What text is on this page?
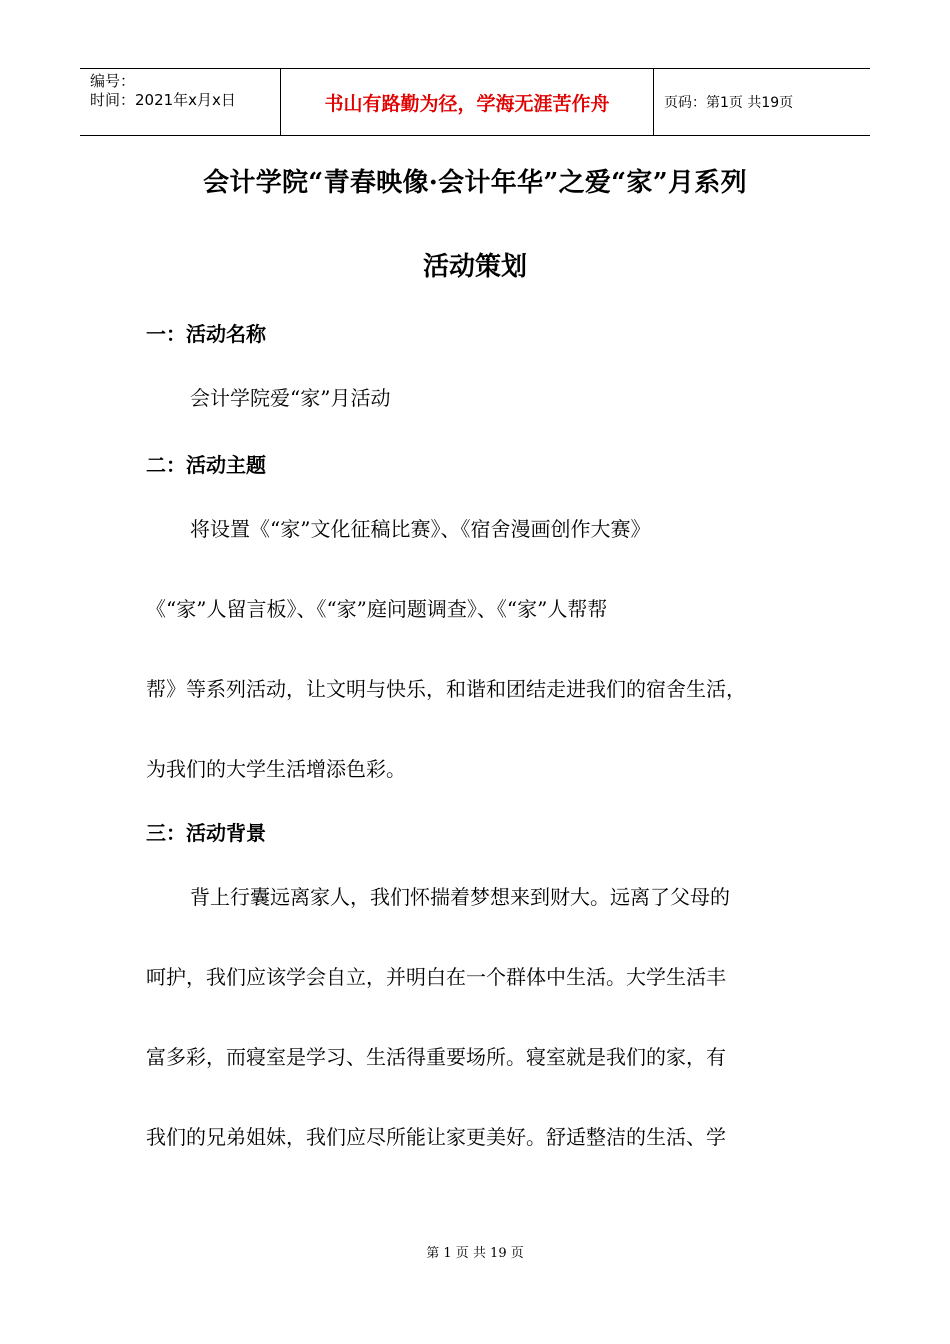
编号：
时间：2021年x月x日	书山有路勤为径，学海无涯苦作舟	页码：第1页 共19页
会计学院“青春映像·会计年华”之爱“家”月系列
活动策划
一：活动名称
会计学院爱“家”月活动
二：活动主题
将设置《“家”文化征稿比赛》、《宿舍漫画创作大赛》
《“家”人留言板》、《“家”庭问题调查》、《“家”人帮帮
帮》等系列活动，让文明与快乐，和谐和团结走进我们的宿舍生活，
为我们的大学生活增添色彩。
三：活动背景
背上行囊远离家人，我们怀揣着梦想来到财大。远离了父母的
呵护，我们应该学会自立，并明白在一个群体中生活。大学生活丰
富多彩，而寝室是学习、生活得重要场所。寝室就是我们的家，有
我们的兄弟姐妹，我们应尽所能让家更美好。舒适整洁的生活、学
第 1 页 共 19 页
